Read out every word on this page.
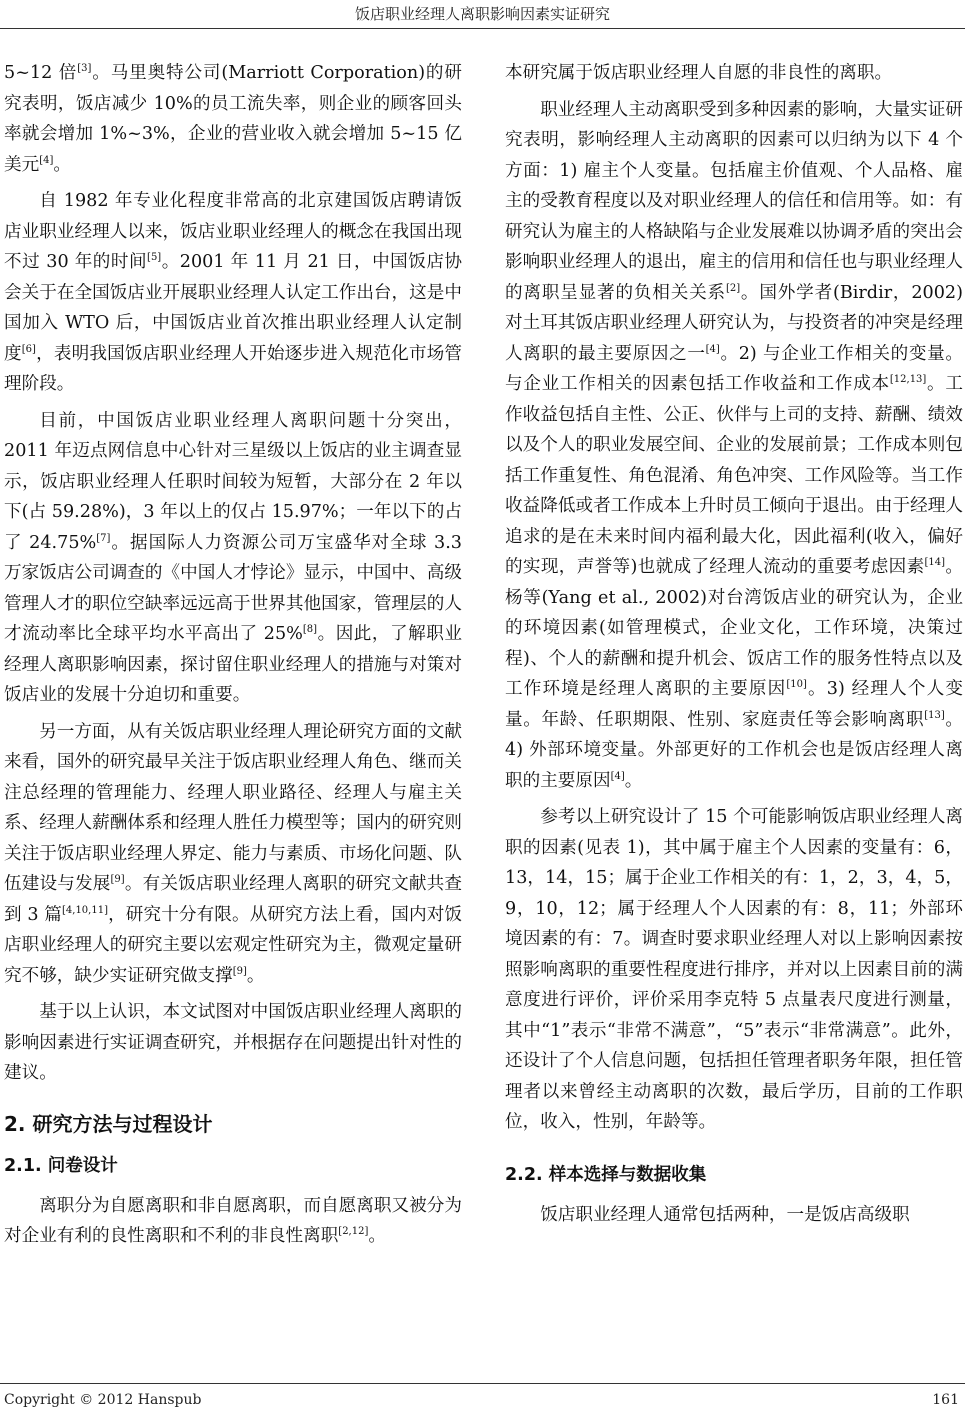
饭店职业经理人离职影响因素实证研究

5~12 倍[3]。马里奥特公司(Marriott Corporation)的研究表明，饭店减少 10%的员工流失率，则企业的顾客回头率就会增加 1%~3%，企业的营业收入就会增加 5~15 亿美元[4]。

自 1982 年专业化程度非常高的北京建国饭店聘请饭店业职业经理人以来，饭店业职业经理人的概念在我国出现不过 30 年的时间[5]。2001 年 11 月 21 日，中国饭店协会关于在全国饭店业开展职业经理人认定工作出台，这是中国加入 WTO 后，中国饭店业首次推出职业经理人认定制度[6]，表明我国饭店职业经理人开始逐步进入规范化市场管理阶段。

目前，中国饭店业职业经理人离职问题十分突出，2011 年迈点网信息中心针对三星级以上饭店的业主调查显示，饭店职业经理人任职时间较为短暂，大部分在 2 年以下(占 59.28%)，3 年以上的仅占 15.97%；一年以下的占了 24.75%[7]。据国际人力资源公司万宝盛华对全球 3.3 万家饭店公司调查的《中国人才悖论》显示，中国中、高级管理人才的职位空缺率远远高于世界其他国家，管理层的人才流动率比全球平均水平高出了 25%[8]。因此，了解职业经理人离职影响因素，探讨留住职业经理人的措施与对策对饭店业的发展十分迫切和重要。

另一方面，从有关饭店职业经理人理论研究方面的文献来看，国外的研究最早关注于饭店职业经理人角色、继而关注总经理的管理能力、经理人职业路径、经理人与雇主关系、经理人薪酬体系和经理人胜任力模型等；国内的研究则关注于饭店职业经理人界定、能力与素质、市场化问题、队伍建设与发展[9]。有关饭店职业经理人离职的研究文献共查到 3 篇[4,10,11]，研究十分有限。从研究方法上看，国内对饭店职业经理人的研究主要以宏观定性研究为主，微观定量研究不够，缺少实证研究做支撑[9]。

基于以上认识，本文试图对中国饭店职业经理人离职的影响因素进行实证调查研究，并根据存在问题提出针对性的建议。

2. 研究方法与过程设计
2.1. 问卷设计

离职分为自愿离职和非自愿离职，而自愿离职又被分为对企业有利的良性离职和不利的非良性离职[2,12]。

本研究属于饭店职业经理人自愿的非良性的离职。

职业经理人主动离职受到多种因素的影响，大量实证研究表明，影响经理人主动离职的因素可以归纳为以下 4 个方面：1) 雇主个人变量。包括雇主价值观、个人品格、雇主的受教育程度以及对职业经理人的信任和信用等。如：有研究认为雇主的人格缺陷与企业发展难以协调矛盾的突出会影响职业经理人的退出，雇主的信用和信任也与职业经理人的离职呈显著的负相关关系[2]。国外学者(Birdir，2002)对土耳其饭店职业经理人研究认为，与投资者的冲突是经理人离职的最主要原因之一[4]。2) 与企业工作相关的变量。与企业工作相关的因素包括工作收益和工作成本[12,13]。工作收益包括自主性、公正、伙伴与上司的支持、薪酬、绩效以及个人的职业发展空间、企业的发展前景；工作成本则包括工作重复性、角色混淆、角色冲突、工作风险等。当工作收益降低或者工作成本上升时员工倾向于退出。由于经理人追求的是在未来时间内福利最大化，因此福利(收入，偏好的实现，声誉等)也就成了经理人流动的重要考虑因素[14]。杨等(Yang et al., 2002)对台湾饭店业的研究认为，企业的环境因素(如管理模式，企业文化，工作环境，决策过程)、个人的薪酬和提升机会、饭店工作的服务性特点以及工作环境是经理人离职的主要原因[10]。3) 经理人个人变量。年龄、任职期限、性别、家庭责任等会影响离职[13]。4) 外部环境变量。外部更好的工作机会也是饭店经理人离职的主要原因[4]。

参考以上研究设计了 15 个可能影响饭店职业经理人离职的因素(见表 1)，其中属于雇主个人因素的变量有：6，13，14，15；属于企业工作相关的有：1，2，3，4，5，9，10，12；属于经理人个人因素的有：8，11；外部环境因素的有：7。调查时要求职业经理人对以上影响因素按照影响离职的重要性程度进行排序，并对以上因素目前的满意度进行评价，评价采用李克特 5 点量表尺度进行测量，其中“1”表示“非常不满意”，“5”表示“非常满意”。此外，还设计了个人信息问题，包括担任管理者职务年限，担任管理者以来曾经主动离职的次数，最后学历，目前的工作职位，收入，性别，年龄等。

2.2. 样本选择与数据收集

饭店职业经理人通常包括两种，一是饭店高级职

Copyright © 2012 Hanspub	161
